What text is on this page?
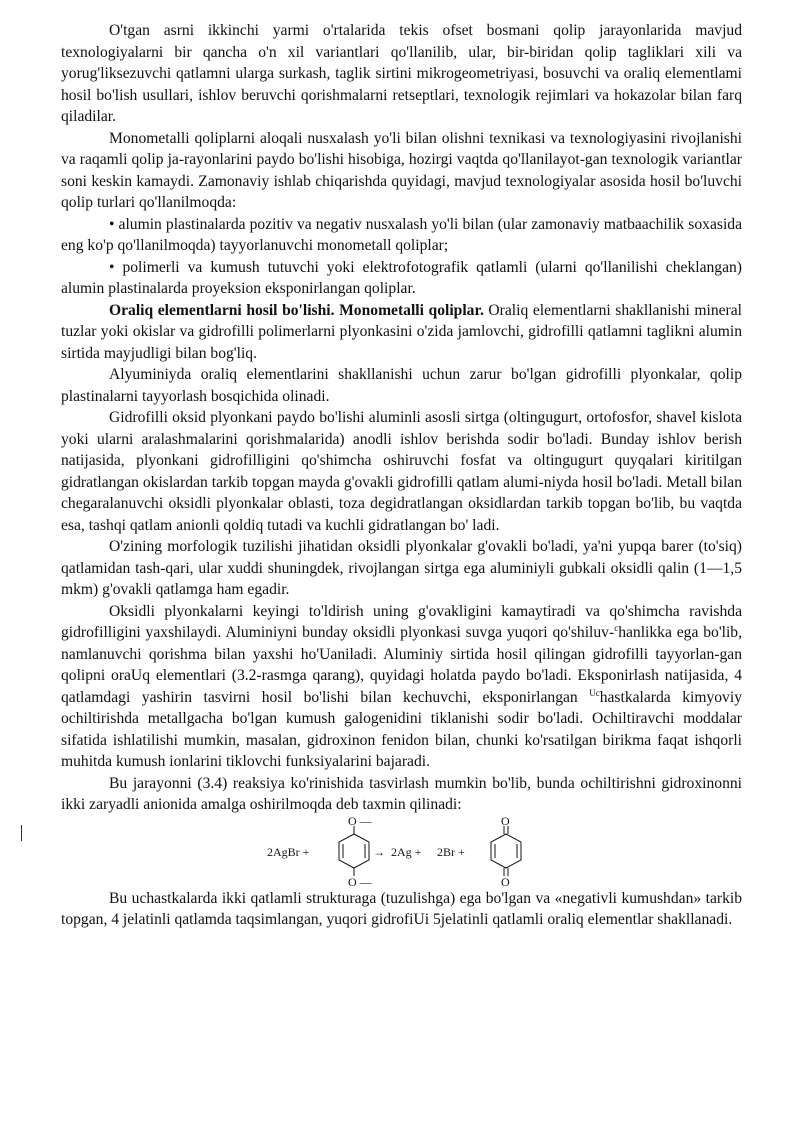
O'tgan asrni ikkinchi yarmi o'rtalarida tekis ofset bosmani qolip jarayonlarida mavjud texnologiyalarni bir qancha o'n xil variantlari qo'llanilib, ular, bir-biridan qolip tagliklari xili va yorug'liksezuvchi qatlamni ularga surkash, taglik sirtini mikrogeometriyasi, bosuvchi va oraliq elementlami hosil bo'lish usullari, ishlov beruvchi qorishmalarni retseptlari, texnologik rejimlari va hokazolar bilan farq qiladilar.

Monometalli qoliplarni aloqali nusxalash yo'li bilan olishni texnikasi va texnologiyasini rivojlanishi va raqamli qolip ja-rayonlarini paydo bo'lishi hisobiga, hozirgi vaqtda qo'llanilayot-gan texnologik variantlar soni keskin kamaydi. Zamonaviy ishlab chiqarishda quyidagi, mavjud texnologiyalar asosida hosil bo'luvchi qolip turlari qo'llanilmoqda:

• alumin plastinalarda pozitiv va negativ nusxalash yo'li bilan (ular zamonaviy matbaachilik soxasida eng ko'p qo'llanilmoqda) tayyorlanuvchi monometall qoliplar;

• polimerli va kumush tutuvchi yoki elektrofotografik qatlamli (ularni qo'llanilishi cheklangan) alumin plastinalarda proyeksion eksponirlangan qoliplar.

Oraliq elementlarni hosil bo'lishi. Monometalli qoliplar. Oraliq elementlarni shakllanishi mineral tuzlar yoki okislar va gidrofilli polimerlarni plyonkasini o'zida jamlovchi, gidrofilli qatlamni taglikni alumin sirtida mayjudligi bilan bog'liq.

Alyuminiyda oraliq elementlarini shakllanishi uchun zarur bo'lgan gidrofilli plyonkalar, qolip plastinalarni tayyorlash bosqichida olinadi.

Gidrofilli oksid plyonkani paydo bo'lishi aluminli asosli sirtga (oltingugurt, ortofosfor, shavel kislota yoki ularni aralashmalarini qorishmalarida) anodli ishlov berishda sodir bo'ladi. Bunday ishlov berish natijasida, plyonkani gidrofilligini qo'shimcha oshiruvchi fosfat va oltingugurt quyqalari kiritilgan gidratlangan okislardan tarkib topgan mayda g'ovakli gidrofilli qatlam alumi-niyda hosil bo'ladi. Metall bilan chegaralanuvchi oksidli plyonkalar oblasti, toza degidratlangan oksidlardan tarkib topgan bo'lib, bu vaqtda esa, tashqi qatlam anionli qoldiq tutadi va kuchli gidratlangan bo' ladi.

O'zining morfologik tuzilishi jihatidan oksidli plyonkalar g'ovakli bo'ladi, ya'ni yupqa barer (to'siq) qatlamidan tash-qari, ular xuddi shuningdek, rivojlangan sirtga ega aluminiyli gubkali oksidli qalin (1—1,5 mkm) g'ovakli qatlamga ham egadir.

Oksidli plyonkalarni keyingi to'ldirish uning g'ovakligini kamaytiradi va qo'shimcha ravishda gidrofilligini yaxshilaydi. Aluminiyni bunday oksidli plyonkasi suvga yuqori qo'shiluv-$^c$hanlikka ega bo'lib, namlanuvchi qorishma bilan yaxshi ho'Uaniladi. Aluminiy sirtida hosil qilingan gidrofilli tayyorlan-gan qolipni oraUq elementlari (3.2-rasmga qarang), quyidagi holatda paydo bo'ladi. Eksponirlash natijasida, 4 qatlamdagi yashirin tasvirni hosil bo'lishi bilan kechuvchi, eksponirlangan $^{Uc}$hastkalarda kimyoviy ochiltirishda metallgacha bo'lgan kumush galogenidini tiklanishi sodir bo'ladi. Ochiltiravchi moddalar sifatida ishlatilishi mumkin, masalan, gidroxinon fenidon bilan, chunki ko'rsatilgan birikma faqat ishqorli muhitda kumush ionlarini tiklovchi funksiyalarini bajaradi.

Bu jarayonni (3.4) reaksiya ko'rinishida tasvirlash mumkin bo'lib, bunda ochiltirishni gidroxinonni ikki zaryadli anionida amalga oshirilmoqda deb taxmin qilinadi:

2AgBr +
O —
O —
→ 2Ag + 2Br +
O
O

Bu uchastkalarda ikki qatlamli strukturaga (tuzulishga) ega bo'lgan va «negativli kumushdan» tarkib topgan, 4 jelatinli qatlamda taqsimlangan, yuqori gidrofiUi 5jelatinli qatlamli oraliq elementlar shakllanadi.
